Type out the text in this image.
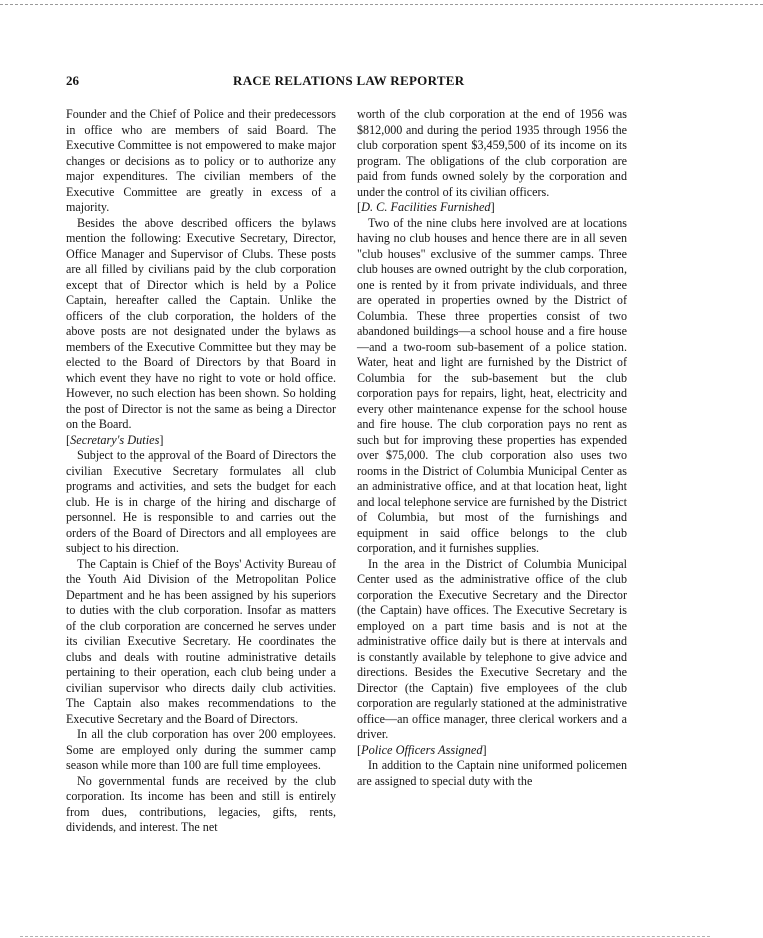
26	RACE RELATIONS LAW REPORTER

Founder and the Chief of Police and their predecessors in office who are members of said Board. The Executive Committee is not empowered to make major changes or decisions as to policy or to authorize any major expenditures. The civilian members of the Executive Committee are greatly in excess of a majority.

Besides the above described officers the bylaws mention the following: Executive Secretary, Director, Office Manager and Supervisor of Clubs. These posts are all filled by civilians paid by the club corporation except that of Director which is held by a Police Captain, hereafter called the Captain. Unlike the officers of the club corporation, the holders of the above posts are not designated under the bylaws as members of the Executive Committee but they may be elected to the Board of Directors by that Board in which event they have no right to vote or hold office. However, no such election has been shown. So holding the post of Director is not the same as being a Director on the Board.

[Secretary's Duties]

Subject to the approval of the Board of Directors the civilian Executive Secretary formulates all club programs and activities, and sets the budget for each club. He is in charge of the hiring and discharge of personnel. He is responsible to and carries out the orders of the Board of Directors and all employees are subject to his direction.

The Captain is Chief of the Boys' Activity Bureau of the Youth Aid Division of the Metropolitan Police Department and he has been assigned by his superiors to duties with the club corporation. Insofar as matters of the club corporation are concerned he serves under its civilian Executive Secretary. He coordinates the clubs and deals with routine administrative details pertaining to their operation, each club being under a civilian supervisor who directs daily club activities. The Captain also makes recommendations to the Executive Secretary and the Board of Directors.

In all the club corporation has over 200 employees. Some are employed only during the summer camp season while more than 100 are full time employees.

No governmental funds are received by the club corporation. Its income has been and still is entirely from dues, contributions, legacies, gifts, rents, dividends, and interest. The net

worth of the club corporation at the end of 1956 was $812,000 and during the period 1935 through 1956 the club corporation spent $3,459,500 of its income on its program. The obligations of the club corporation are paid from funds owned solely by the corporation and under the control of its civilian officers.

[D. C. Facilities Furnished]

Two of the nine clubs here involved are at locations having no club houses and hence there are in all seven "club houses" exclusive of the summer camps. Three club houses are owned outright by the club corporation, one is rented by it from private individuals, and three are operated in properties owned by the District of Columbia. These three properties consist of two abandoned buildings—a school house and a fire house—and a two-room sub-basement of a police station. Water, heat and light are furnished by the District of Columbia for the sub-basement but the club corporation pays for repairs, light, heat, electricity and every other maintenance expense for the school house and fire house. The club corporation pays no rent as such but for improving these properties has expended over $75,000. The club corporation also uses two rooms in the District of Columbia Municipal Center as an administrative office, and at that location heat, light and local telephone service are furnished by the District of Columbia, but most of the furnishings and equipment in said office belongs to the club corporation, and it furnishes supplies.

In the area in the District of Columbia Municipal Center used as the administrative office of the club corporation the Executive Secretary and the Director (the Captain) have offices. The Executive Secretary is employed on a part time basis and is not at the administrative office daily but is there at intervals and is constantly available by telephone to give advice and directions. Besides the Executive Secretary and the Director (the Captain) five employees of the club corporation are regularly stationed at the administrative office—an office manager, three clerical workers and a driver.

[Police Officers Assigned]

In addition to the Captain nine uniformed policemen are assigned to special duty with the
